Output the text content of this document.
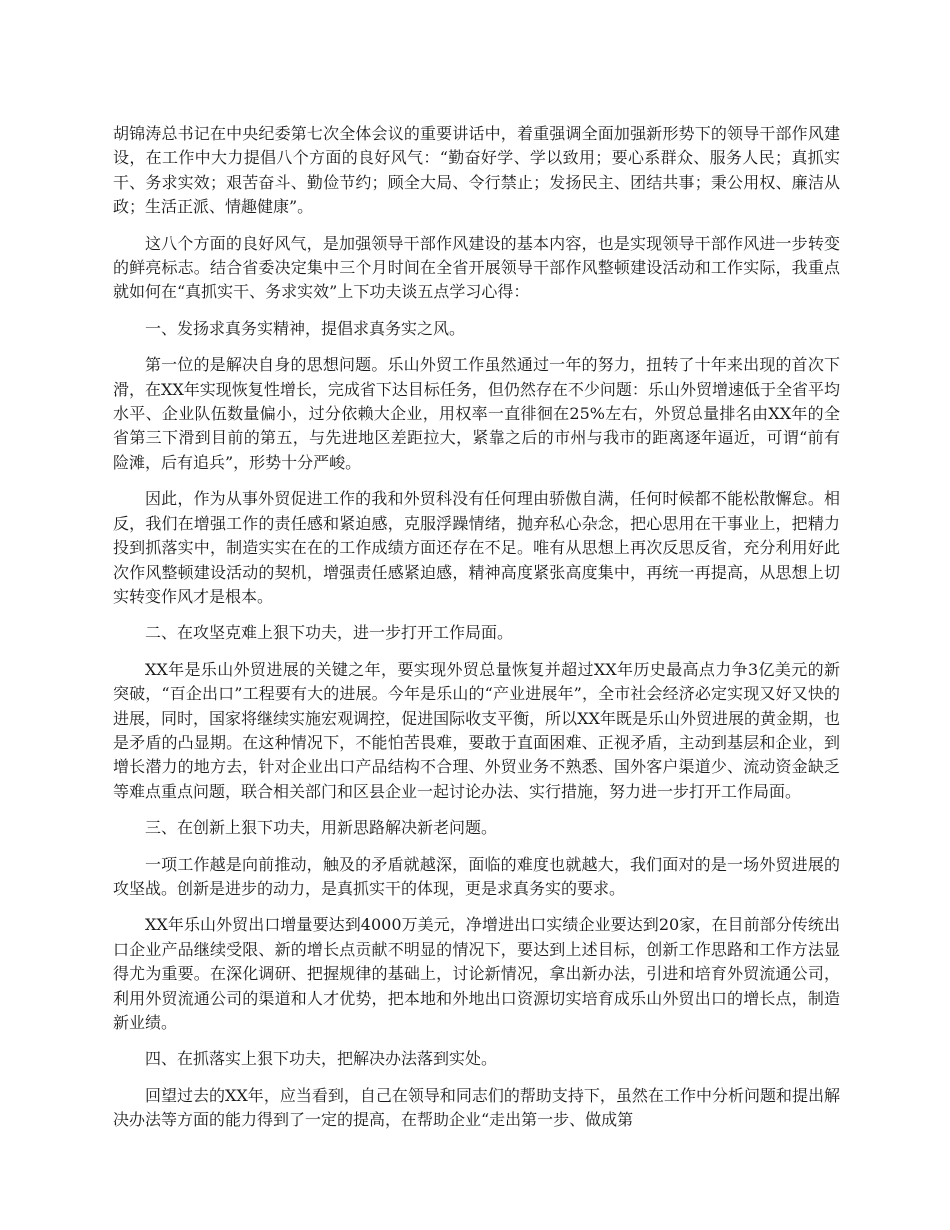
胡锦涛总书记在中央纪委第七次全体会议的重要讲话中，着重强调全面加强新形势下的领导干部作风建设，在工作中大力提倡八个方面的良好风气：“勤奋好学、学以致用；要心系群众、服务人民；真抓实干、务求实效；艰苦奋斗、勤俭节约；顾全大局、令行禁止；发扬民主、团结共事；秉公用权、廉洁从政；生活正派、情趣健康”。

这八个方面的良好风气，是加强领导干部作风建设的基本内容，也是实现领导干部作风进一步转变的鲜亮标志。结合省委决定集中三个月时间在全省开展领导干部作风整顿建设活动和工作实际，我重点就如何在“真抓实干、务求实效”上下功夫谈五点学习心得：

一、发扬求真务实精神，提倡求真务实之风。

第一位的是解决自身的思想问题。乐山外贸工作虽然通过一年的努力，扭转了十年来出现的首次下滑，在XX年实现恢复性增长，完成省下达目标任务，但仍然存在不少问题：乐山外贸增速低于全省平均水平、企业队伍数量偏小，过分依赖大企业，用权率一直徘徊在25%左右，外贸总量排名由XX年的全省第三下滑到目前的第五，与先进地区差距拉大，紧靠之后的市州与我市的距离逐年逼近，可谓“前有险滩，后有追兵”，形势十分严峻。

因此，作为从事外贸促进工作的我和外贸科没有任何理由骄傲自满，任何时候都不能松散懈怠。相反，我们在增强工作的责任感和紧迫感，克服浮躁情绪，抛弃私心杂念，把心思用在干事业上，把精力投到抓落实中，制造实实在在的工作成绩方面还存在不足。唯有从思想上再次反思反省，充分利用好此次作风整顿建设活动的契机，增强责任感紧迫感，精神高度紧张高度集中，再统一再提高，从思想上切实转变作风才是根本。

二、在攻坚克难上狠下功夫，进一步打开工作局面。

XX年是乐山外贸进展的关键之年，要实现外贸总量恢复并超过XX年历史最高点力争3亿美元的新突破，“百企出口”工程要有大的进展。今年是乐山的“产业进展年”，全市社会经济必定实现又好又快的进展，同时，国家将继续实施宏观调控，促进国际收支平衡，所以XX年既是乐山外贸进展的黄金期，也是矛盾的凸显期。在这种情况下，不能怕苦畏难，要敢于直面困难、正视矛盾，主动到基层和企业，到增长潜力的地方去，针对企业出口产品结构不合理、外贸业务不熟悉、国外客户渠道少、流动资金缺乏等难点重点问题，联合相关部门和区县企业一起讨论办法、实行措施，努力进一步打开工作局面。

三、在创新上狠下功夫，用新思路解决新老问题。

一项工作越是向前推动，触及的矛盾就越深，面临的难度也就越大，我们面对的是一场外贸进展的攻坚战。创新是进步的动力，是真抓实干的体现，更是求真务实的要求。

XX年乐山外贸出口增量要达到4000万美元，净增进出口实绩企业要达到20家，在目前部分传统出口企业产品继续受限、新的增长点贡献不明显的情况下，要达到上述目标，创新工作思路和工作方法显得尤为重要。在深化调研、把握规律的基础上，讨论新情况，拿出新办法，引进和培育外贸流通公司，利用外贸流通公司的渠道和人才优势，把本地和外地出口资源切实培育成乐山外贸出口的增长点，制造新业绩。

四、在抓落实上狠下功夫，把解决办法落到实处。

回望过去的XX年，应当看到，自己在领导和同志们的帮助支持下，虽然在工作中分析问题和提出解决办法等方面的能力得到了一定的提高，在帮助企业“走出第一步、做成第
